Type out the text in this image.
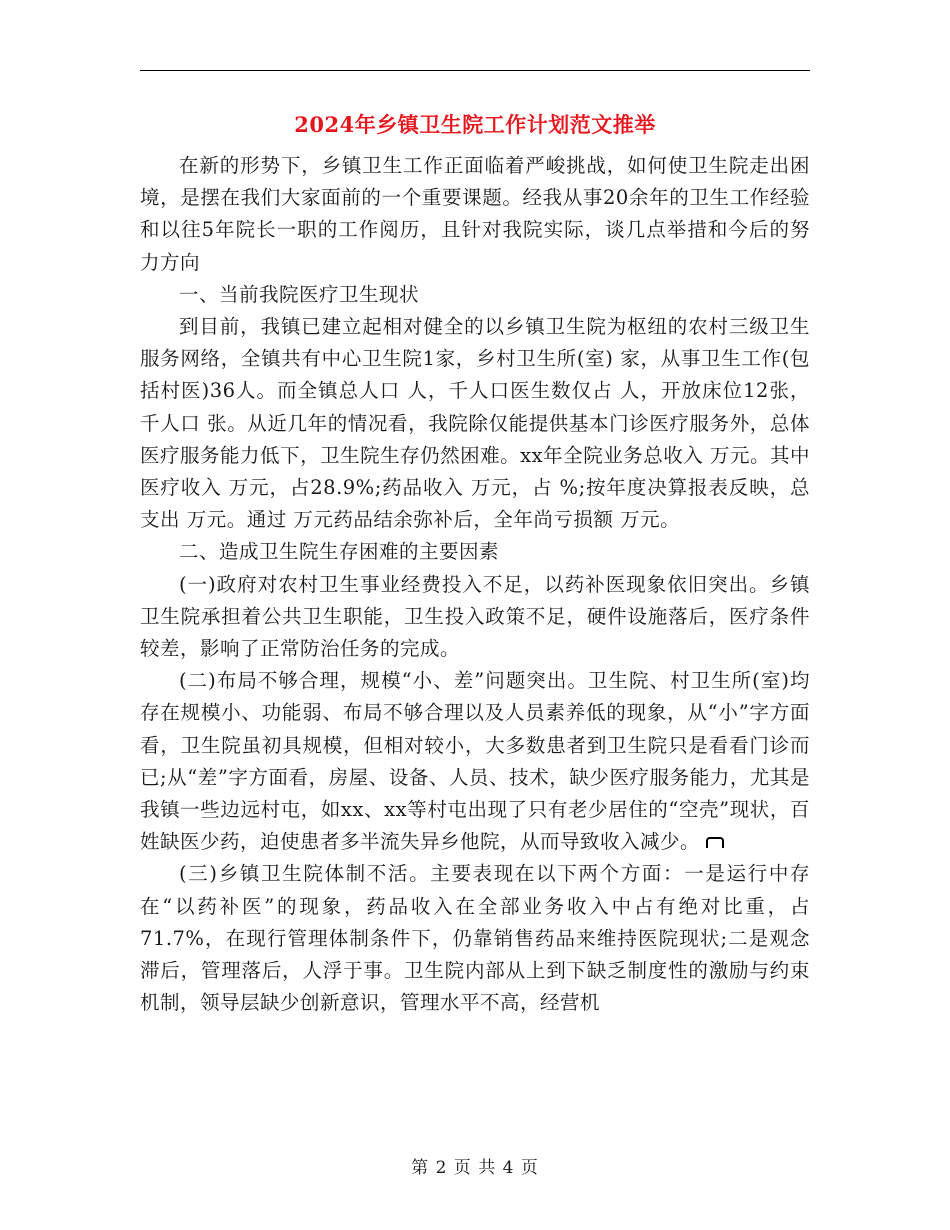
2024年乡镇卫生院工作计划范文推举

在新的形势下，乡镇卫生工作正面临着严峻挑战，如何使卫生院走出困境，是摆在我们大家面前的一个重要课题。经我从事20余年的卫生工作经验和以往5年院长一职的工作阅历，且针对我院实际，谈几点举措和今后的努力方向

一、当前我院医疗卫生现状

到目前，我镇已建立起相对健全的以乡镇卫生院为枢纽的农村三级卫生服务网络，全镇共有中心卫生院1家，乡村卫生所(室) 家，从事卫生工作(包括村医)36人。而全镇总人口 人，千人口医生数仅占 人，开放床位12张，千人口 张。从近几年的情况看，我院除仅能提供基本门诊医疗服务外，总体医疗服务能力低下，卫生院生存仍然困难。xx年全院业务总收入 万元。其中医疗收入 万元，占28.9%;药品收入 万元，占 %;按年度决算报表反映，总支出 万元。通过 万元药品结余弥补后，全年尚亏损额 万元。

二、造成卫生院生存困难的主要因素

(一)政府对农村卫生事业经费投入不足，以药补医现象依旧突出。乡镇卫生院承担着公共卫生职能，卫生投入政策不足，硬件设施落后，医疗条件较差，影响了正常防治任务的完成。

(二)布局不够合理，规模“小、差”问题突出。卫生院、村卫生所(室)均存在规模小、功能弱、布局不够合理以及人员素养低的现象，从“小”字方面看，卫生院虽初具规模，但相对较小，大多数患者到卫生院只是看看门诊而已;从“差”字方面看，房屋、设备、人员、技术，缺少医疗服务能力，尤其是我镇一些边远村屯，如xx、xx等村屯出现了只有老少居住的“空壳”现状，百姓缺医少药，迫使患者多半流失异乡他院，从而导致收入减少。

(三)乡镇卫生院体制不活。主要表现在以下两个方面：一是运行中存在“以药补医”的现象，药品收入在全部业务收入中占有绝对比重，占71.7%，在现行管理体制条件下，仍靠销售药品来维持医院现状;二是观念滞后，管理落后，人浮于事。卫生院内部从上到下缺乏制度性的激励与约束机制，领导层缺少创新意识，管理水平不高，经营机

第 2 页 共 4 页
